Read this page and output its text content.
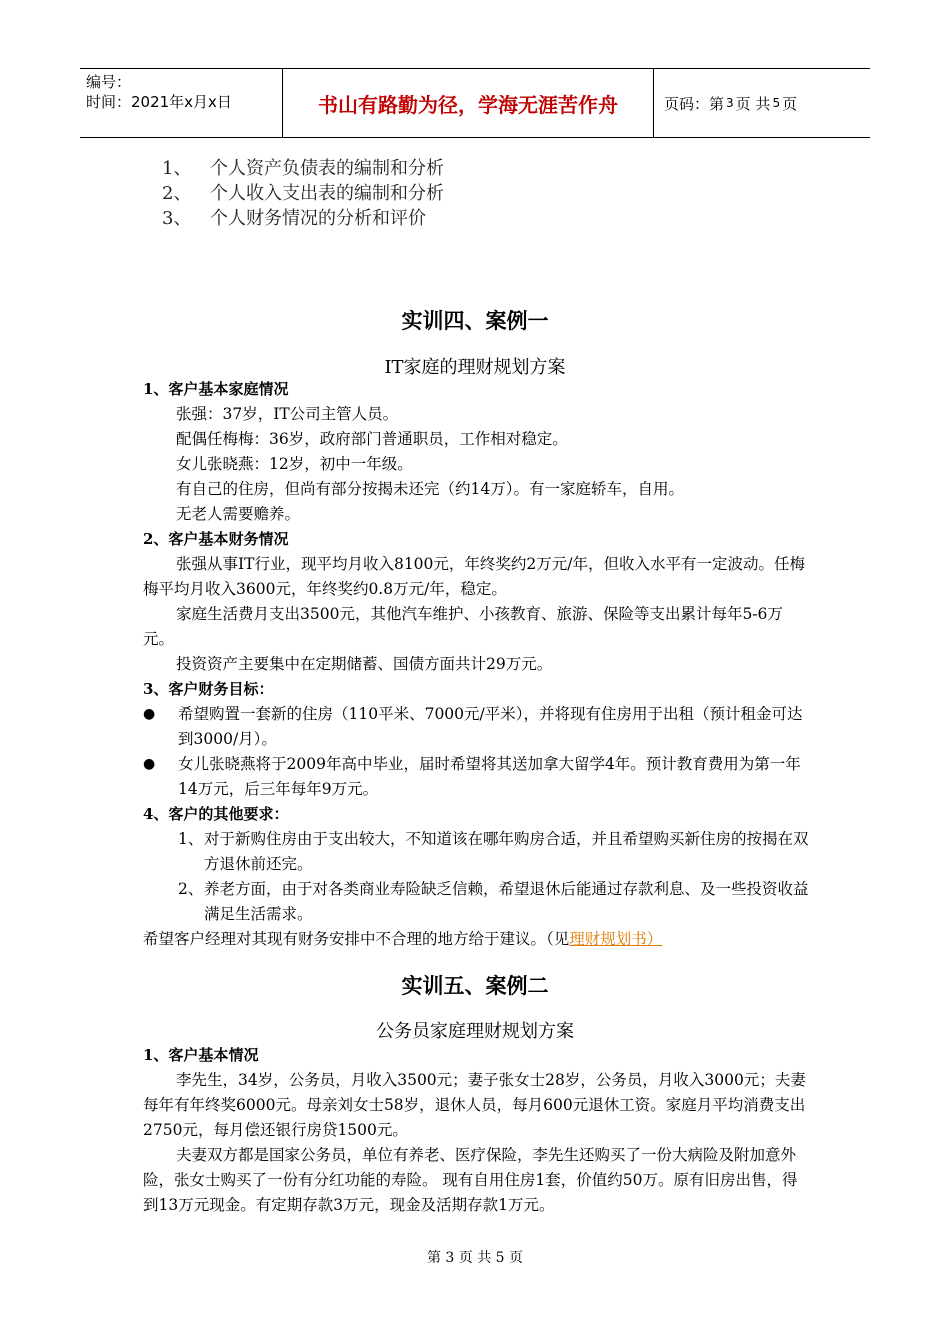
编号：
时间：2021年x月x日	书山有路勤为径，学海无涯苦作舟	页码：第 3 页 共 5 页
1、	个人资产负债表的编制和分析
2、	个人收入支出表的编制和分析
3、	个人财务情况的分析和评价
实训四、案例一
IT家庭的理财规划方案
1、客户基本家庭情况
张强：37岁，IT公司主管人员。
配偶任梅梅：36岁，政府部门普通职员，工作相对稳定。
女儿张晓燕：12岁，初中一年级。
有自己的住房，但尚有部分按揭未还完（约14万）。有一家庭轿车，自用。
无老人需要赡养。
2、客户基本财务情况
张强从事IT行业，现平均月收入8100元，年终奖约2万元/年，但收入水平有一定波动。任梅梅平均月收入3600元，年终奖约0.8万元/年，稳定。
家庭生活费月支出3500元，其他汽车维护、小孩教育、旅游、保险等支出累计每年5-6万元。
投资资产主要集中在定期储蓄、国债方面共计29万元。
3、客户财务目标：
●	希望购置一套新的住房（110平米、7000元/平米），并将现有住房用于出租（预计租金可达到3000/月）。
●	女儿张晓燕将于2009年高中毕业，届时希望将其送加拿大留学4年。预计教育费用为第一年14万元，后三年每年9万元。
4、客户的其他要求：
1、 对于新购住房由于支出较大，不知道该在哪年购房合适，并且希望购买新住房的按揭在双方退休前还完。
2、 养老方面，由于对各类商业寿险缺乏信赖，希望退休后能通过存款利息、及一些投资收益满足生活需求。
希望客户经理对其现有财务安排中不合理的地方给于建议。（见理财规划书）
实训五、案例二
公务员家庭理财规划方案
1、客户基本情况
李先生，34岁，公务员，月收入3500元；妻子张女士28岁，公务员，月收入3000元；夫妻每年有年终奖6000元。母亲刘女士58岁，退休人员，每月600元退休工资。家庭月平均消费支出2750元，每月偿还银行房贷1500元。
夫妻双方都是国家公务员，单位有养老、医疗保险，李先生还购买了一份大病险及附加意外险，张女士购买了一份有分红功能的寿险。 现有自用住房1套，价值约50万。原有旧房出售，得到13万元现金。有定期存款3万元，现金及活期存款1万元。
第 3 页 共 5 页
